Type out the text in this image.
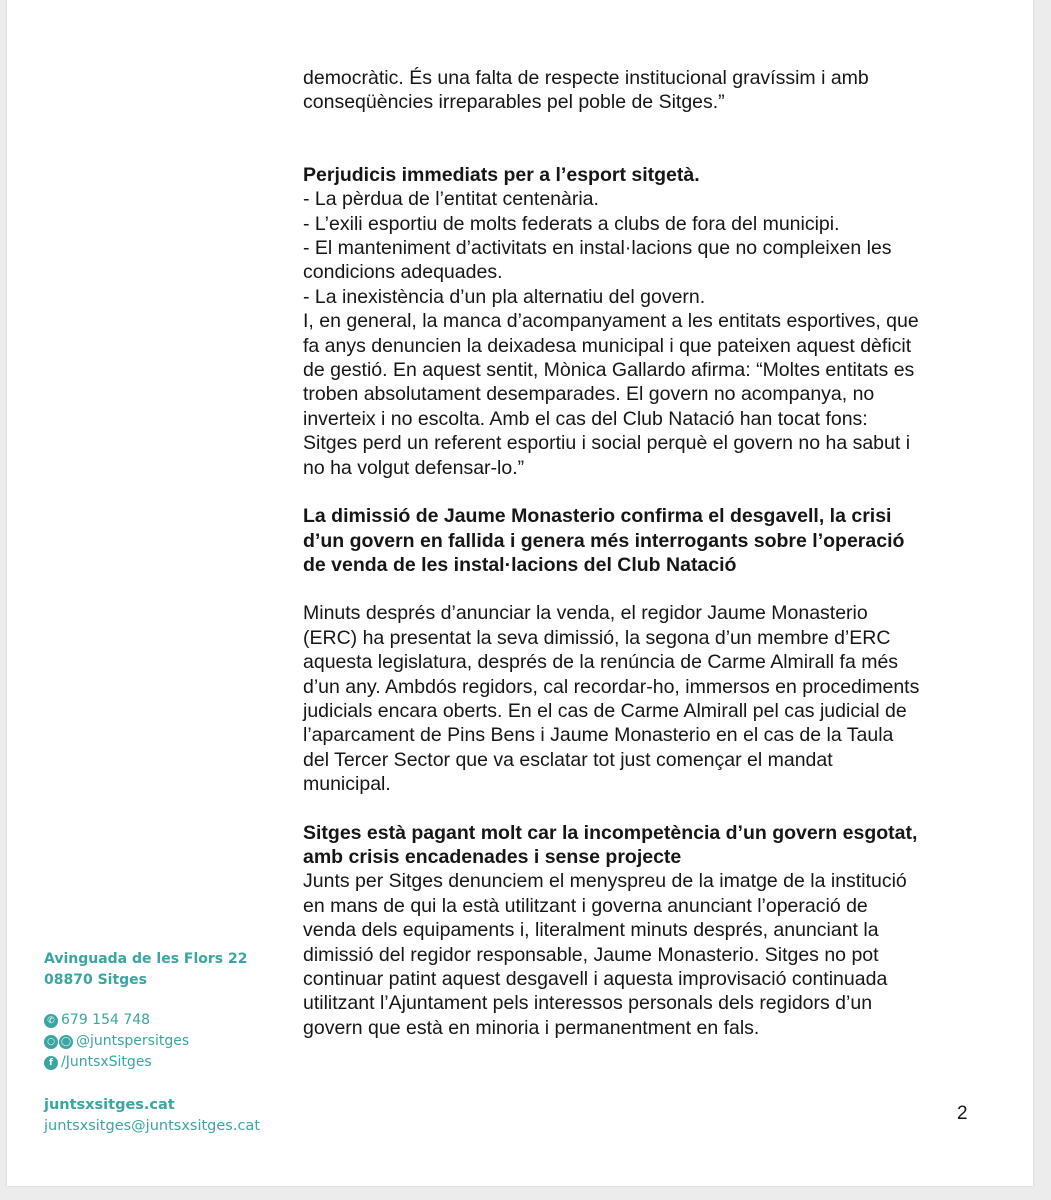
democràtic. És una falta de respecte institucional gravíssim i amb

conseqüències irreparables pel poble de Sitges.”

Perjudicis immediats per a l’esport sitgetà.

- La pèrdua de l’entitat centenària.

- L’exili esportiu de molts federats a clubs de fora del municipi.

- El manteniment d’activitats en instal·lacions que no compleixen les

condicions adequades.

- La inexistència d’un pla alternatiu del govern.

I, en general, la manca d’acompanyament a les entitats esportives, que

fa anys denuncien la deixadesa municipal i que pateixen aquest dèficit

de gestió. En aquest sentit, Mònica Gallardo afirma: “Moltes entitats es

troben absolutament desemparades. El govern no acompanya, no

inverteix i no escolta. Amb el cas del Club Natació han tocat fons:

Sitges perd un referent esportiu i social perquè el govern no ha sabut i

no ha volgut defensar-lo.”

La dimissió de Jaume Monasterio confirma el desgavell, la crisi

d’un govern en fallida i genera més interrogants sobre l’operació

de venda de les instal·lacions del Club Natació

Minuts després d’anunciar la venda, el regidor Jaume Monasterio

(ERC) ha presentat la seva dimissió, la segona d’un membre d’ERC

aquesta legislatura, després de la renúncia de Carme Almirall fa més

d’un any. Ambdós regidors, cal recordar-ho, immersos en procediments

judicials encara oberts. En el cas de Carme Almirall pel cas judicial de

l’aparcament de Pins Bens i Jaume Monasterio en el cas de la Taula

del Tercer Sector que va esclatar tot just començar el mandat

municipal.

Sitges està pagant molt car la incompetència d’un govern esgotat,

amb crisis encadenades i sense projecte

Junts per Sitges denunciem el menyspreu de la imatge de la institució

en mans de qui la està utilitzant i governa anunciant l’operació de

venda dels equipaments i, literalment minuts després, anunciant la

dimissió del regidor responsable, Jaume Monasterio. Sitges no pot

continuar patint aquest desgavell i aquesta improvisació continuada

utilitzant l’Ajuntament pels interessos personals dels regidors d’un

govern que està en minoria i permanentment en fals.

Avinguada de les Flors 22
08870 Sitges
✆ 679 154 748
○ ◯ @juntspersitges
f /JuntsxSitges
juntsxsitges.cat
juntsxsitges@juntsxsitges.cat
2
